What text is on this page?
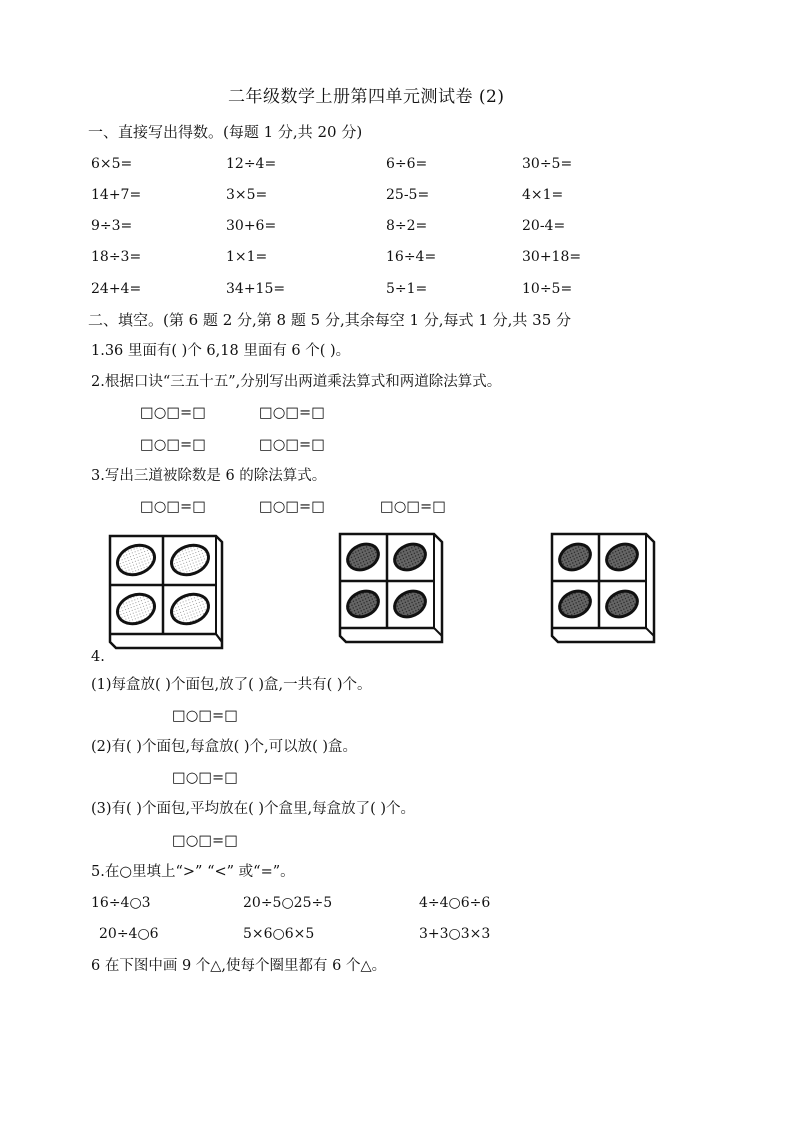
二年级数学上册第四单元测试卷 (2)
一、直接写出得数。(每题 1 分,共 20 分)
6×5=	12÷4=	6÷6=	30÷5=
14+7=	3×5=	25-5=	4×1=
9÷3=	30+6=	8÷2=	20-4=
18÷3=	1×1=	16÷4=	30+18=
24+4=	34+15=	5÷1=	10÷5=
二、填空。(第 6 题 2 分,第 8 题 5 分,其余每空 1 分,每式 1 分,共 35 分
1.36 里面有( )个 6,18 里面有 6 个( )。
2.根据口诀“三五十五”,分别写出两道乘法算式和两道除法算式。
□○□=□	□○□=□
□○□=□	□○□=□
3.写出三道被除数是 6 的除法算式。
□○□=□	□○□=□	□○□=□
4.
(1)每盒放( )个面包,放了( )盒,一共有( )个。
□○□=□
(2)有( )个面包,每盒放( )个,可以放( )盒。
□○□=□
(3)有( )个面包,平均放在( )个盒里,每盒放了( )个。
□○□=□
5.在○里填上“>” “<” 或“=”。
16÷4○3	20÷5○25÷5	4÷4○6÷6
20÷4○6	5×6○6×5	3+3○3×3
6 在下图中画 9 个△,使每个圈里都有 6 个△。
